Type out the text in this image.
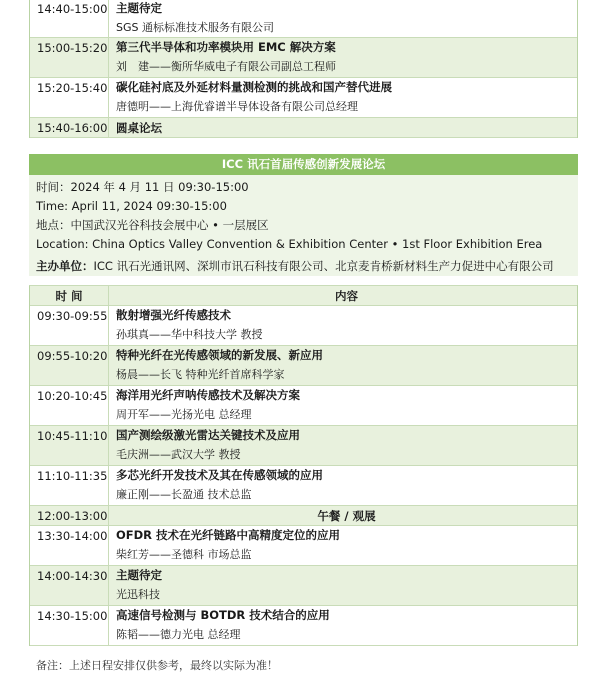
14:40-15:00 主题待定
SGS 通标标准技术服务有限公司
15:00-15:20 第三代半导体和功率模块用 EMC 解决方案
刘　建——衡所华威电子有限公司副总工程师
15:20-15:40 碳化硅衬底及外延材料量测检测的挑战和国产替代进展
唐德明——上海优睿谱半导体设备有限公司总经理
15:40-16:00 圆桌论坛
ICC 讯石首届传感创新发展论坛
时间：2024 年 4 月 11 日 09:30-15:00
Time: April 11, 2024 09:30-15:00
地点：中国武汉光谷科技会展中心 • 一层展区
Location: China Optics Valley Convention & Exhibition Center • 1st Floor Exhibition Erea
主办单位：ICC 讯石光通讯网、深圳市讯石科技有限公司、北京麦肯桥新材料生产力促进中心有限公司
时 间	内容
09:30-09:55 散射增强光纤传感技术
孙琪真——华中科技大学 教授
09:55-10:20 特种光纤在光传感领域的新发展、新应用
杨晨——长飞 特种光纤首席科学家
10:20-10:45 海洋用光纤声呐传感技术及解决方案
周开军——光扬光电 总经理
10:45-11:10 国产测绘级激光雷达关键技术及应用
毛庆洲——武汉大学 教授
11:10-11:35 多芯光纤开发技术及其在传感领域的应用
廉正刚——长盈通 技术总监
12:00-13:00	午餐 / 观展
13:30-14:00 OFDR 技术在光纤链路中高精度定位的应用
柴红芳——圣德科 市场总监
14:00-14:30 主题待定
光迅科技
14:30-15:00 高速信号检测与 BOTDR 技术结合的应用
陈韬——德力光电 总经理
备注：上述日程安排仅供参考，最终以实际为准！
